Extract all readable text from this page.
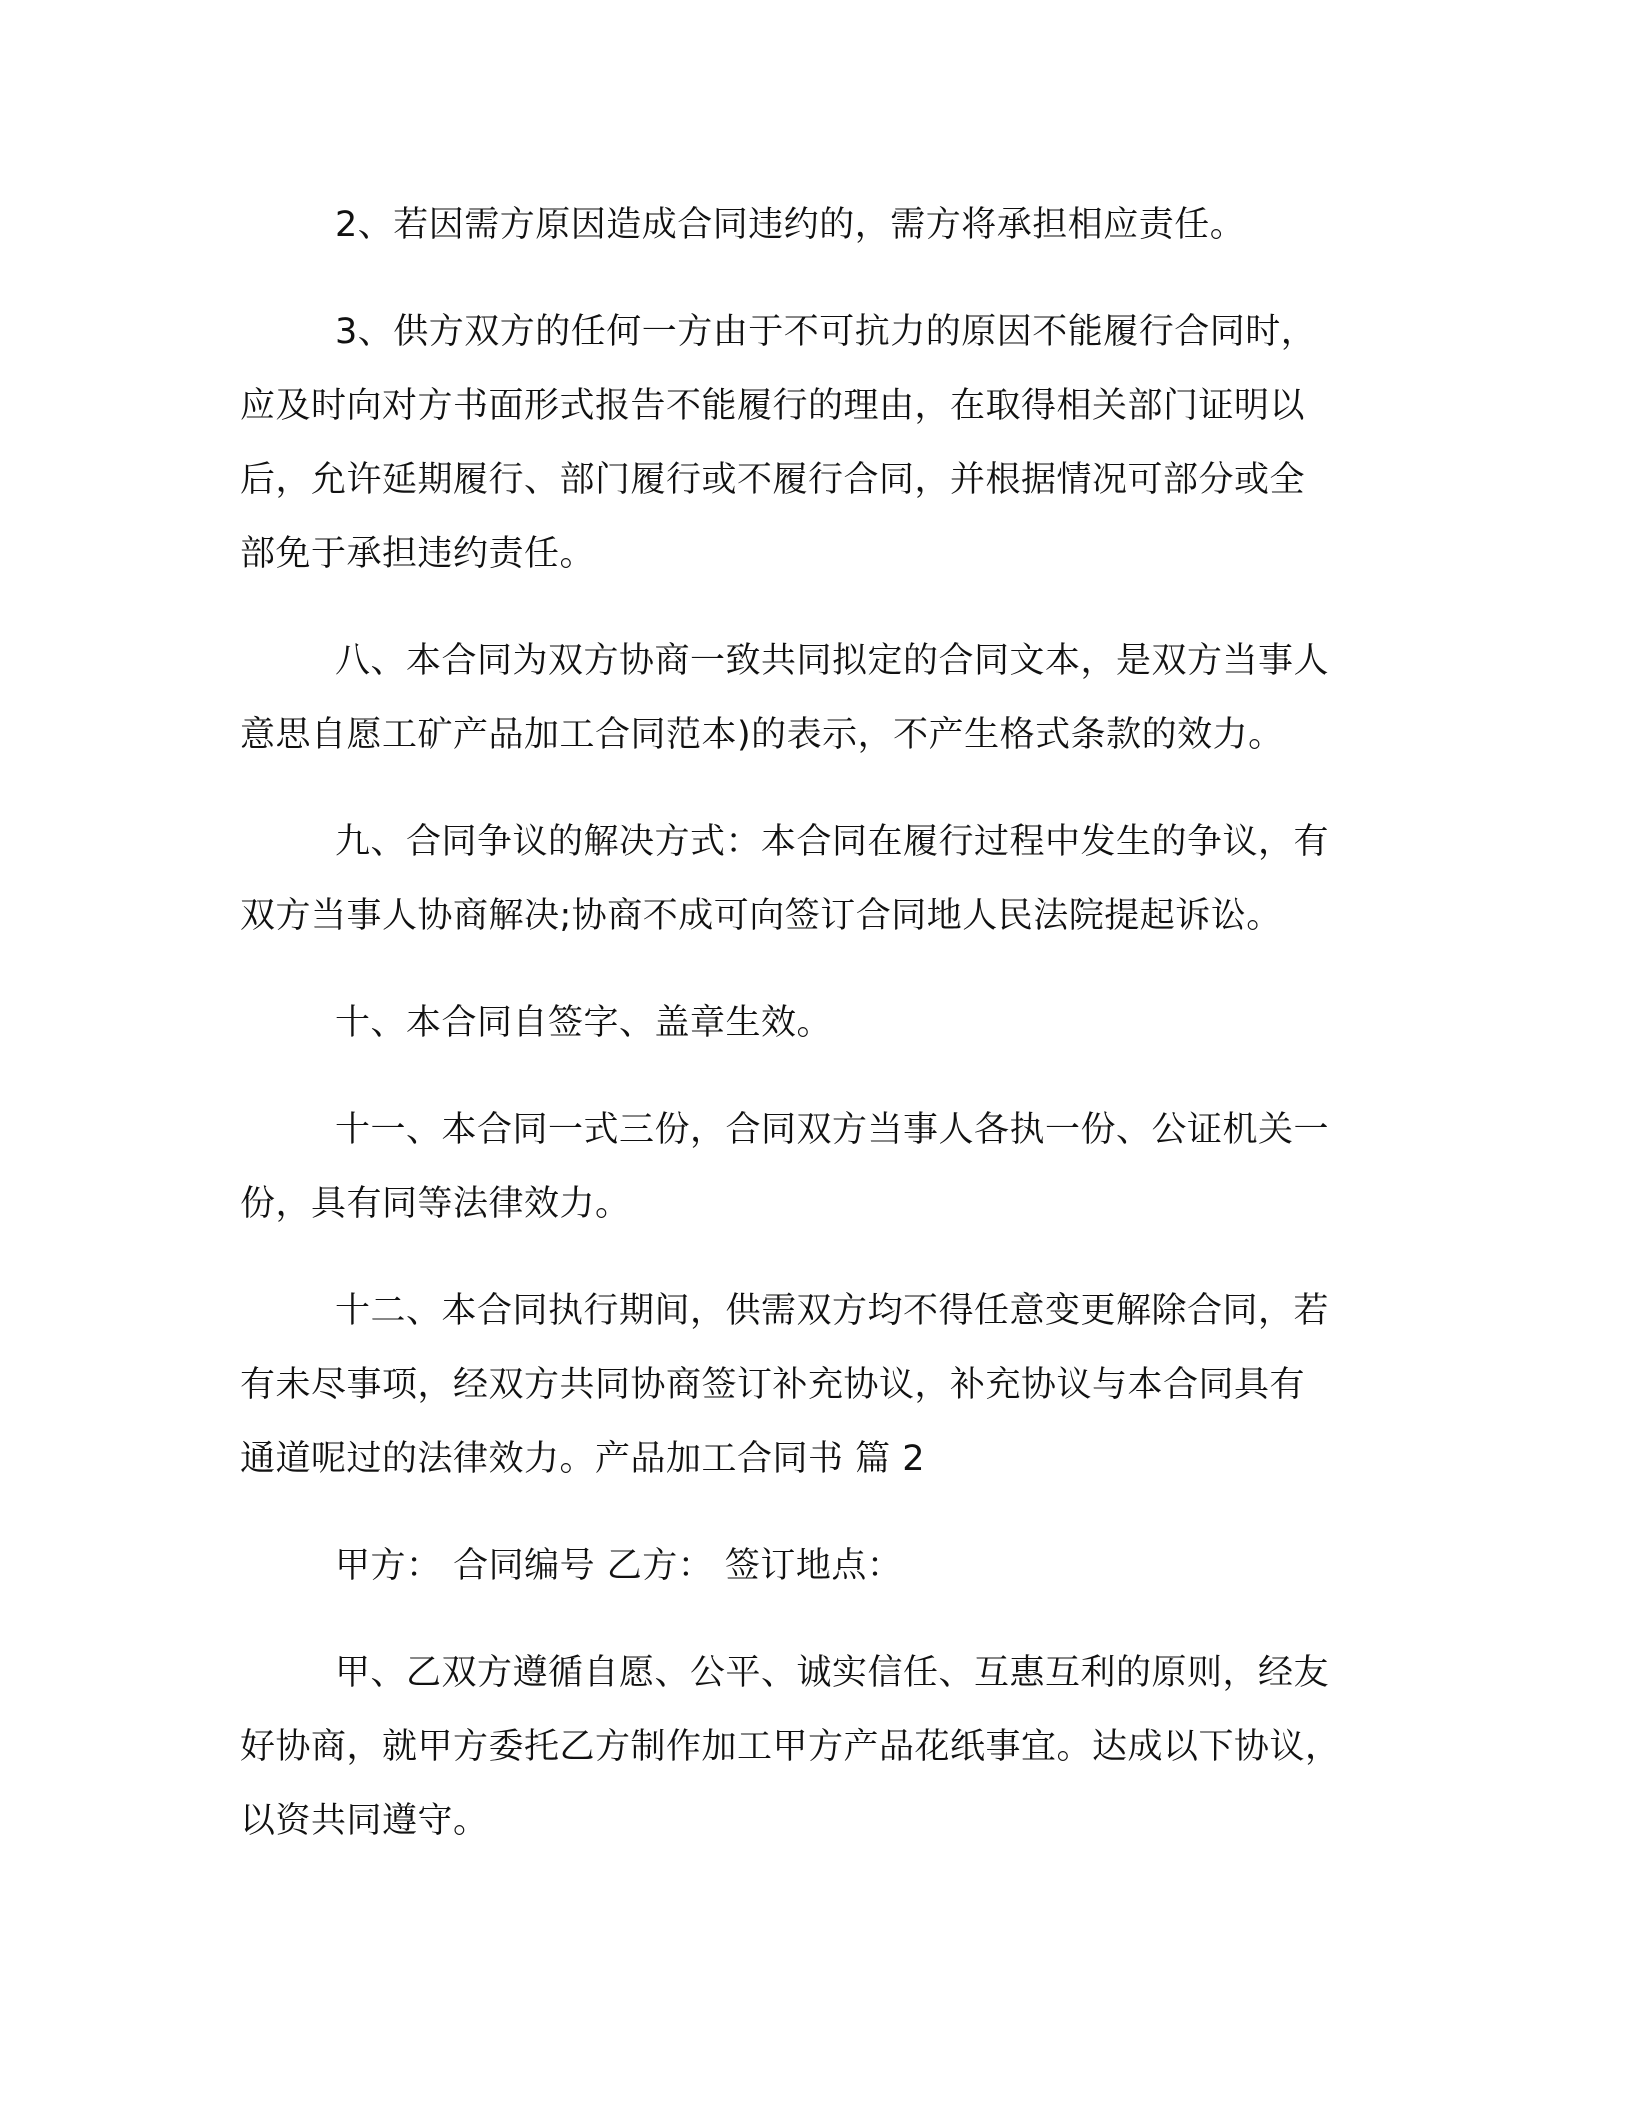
2、若因需方原因造成合同违约的，需方将承担相应责任。

3、供方双方的任何一方由于不可抗力的原因不能履行合同时，
应及时向对方书面形式报告不能履行的理由，在取得相关部门证明以
后，允许延期履行、部门履行或不履行合同，并根据情况可部分或全
部免于承担违约责任。

八、本合同为双方协商一致共同拟定的合同文本，是双方当事人
意思自愿工矿产品加工合同范本)的表示，不产生格式条款的效力。

九、合同争议的解决方式：本合同在履行过程中发生的争议，有
双方当事人协商解决;协商不成可向签订合同地人民法院提起诉讼。

十、本合同自签字、盖章生效。

十一、本合同一式三份，合同双方当事人各执一份、公证机关一
份，具有同等法律效力。

十二、本合同执行期间，供需双方均不得任意变更解除合同，若
有未尽事项，经双方共同协商签订补充协议，补充协议与本合同具有
通道呢过的法律效力。产品加工合同书 篇 2

甲方： 合同编号 乙方： 签订地点：

甲、乙双方遵循自愿、公平、诚实信任、互惠互利的原则，经友
好协商，就甲方委托乙方制作加工甲方产品花纸事宜。达成以下协议，
以资共同遵守。
